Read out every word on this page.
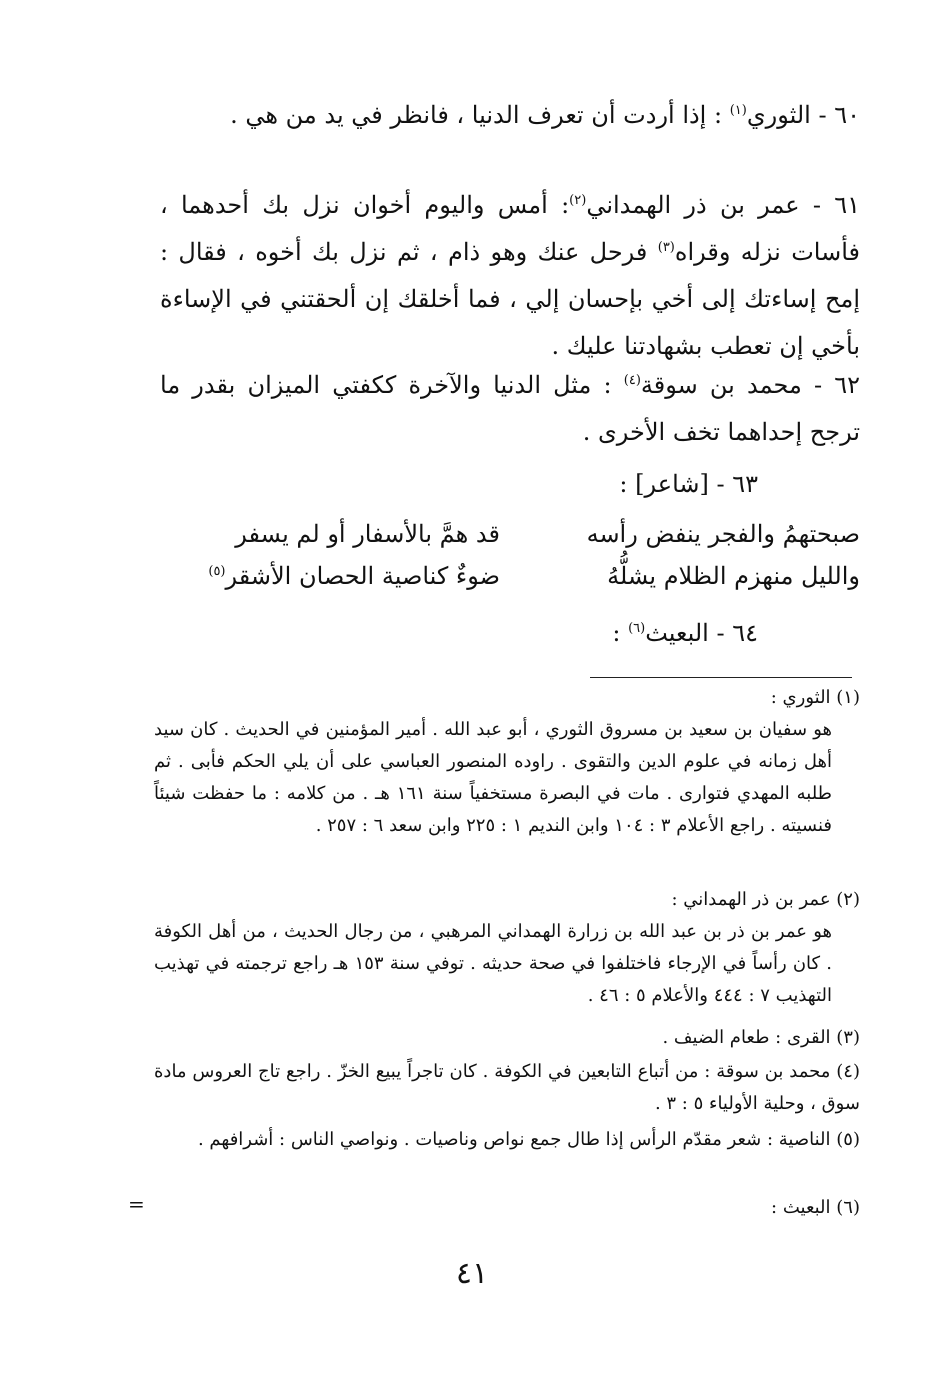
٦٠ - الثوري$^{(١)}$ : إذا أردت أن تعرف الدنيا ، فانظر في يد من هي .
٦١ - عمر بن ذر الهمداني$^{(٢)}$: أمس واليوم أخوان نزل بك أحدهما ، فأسات نزله وقراه$^{(٣)}$ فرحل عنك وهو ذام ، ثم نزل بك أخوه ، فقال : إمح إساءتك إلى أخي بإحسان إلي ، فما أخلقك إن ألحقتني في الإساءة بأخي إن تعطب بشهادتنا عليك .
٦٢ - محمد بن سوقة$^{(٤)}$ : مثل الدنيا والآخرة ككفتي الميزان بقدر ما ترجح إحداهما تخف الأخرى .
٦٣ - [شاعر] :
صبحتهمُ والفجر ينفض رأسه
قد همَّ بالأسفار أو لم يسفر
والليل منهزم الظلام يشلُّهُ
ضوءٌ كناصية الحصان الأشقر$^{(٥)}$
٦٤ - البعيث$^{(٦)}$ :
(١) الثوري :
هو سفيان بن سعيد بن مسروق الثوري ، أبو عبد الله . أمير المؤمنين في الحديث . كان سيد أهل زمانه في علوم الدين والتقوى . راوده المنصور العباسي على أن يلي الحكم فأبى . ثم طلبه المهدي فتوارى . مات في البصرة مستخفياً سنة ١٦١ هـ . من كلامه : ما حفظت شيئاً فنسيته . راجع الأعلام ٣ : ١٠٤ وابن النديم ١ : ٢٢٥ وابن سعد ٦ : ٢٥٧ .
(٢) عمر بن ذر الهمداني :
هو عمر بن ذر بن عبد الله بن زرارة الهمداني المرهبي ، من رجال الحديث ، من أهل الكوفة . كان رأساً في الإرجاء فاختلفوا في صحة حديثه . توفي سنة ١٥٣ هـ راجع ترجمته في تهذيب التهذيب ٧ : ٤٤٤ والأعلام ٥ : ٤٦ .
(٣) القرى : طعام الضيف .
(٤) محمد بن سوقة : من أتباع التابعين في الكوفة . كان تاجراً يبيع الخزّ . راجع تاج العروس مادة سوق ، وحلية الأولياء ٥ : ٣ .
(٥) الناصية : شعر مقدّم الرأس إذا طال جمع نواص وناصيات . ونواصي الناس : أشرافهم .
(٦) البعيث :
=
٤١
